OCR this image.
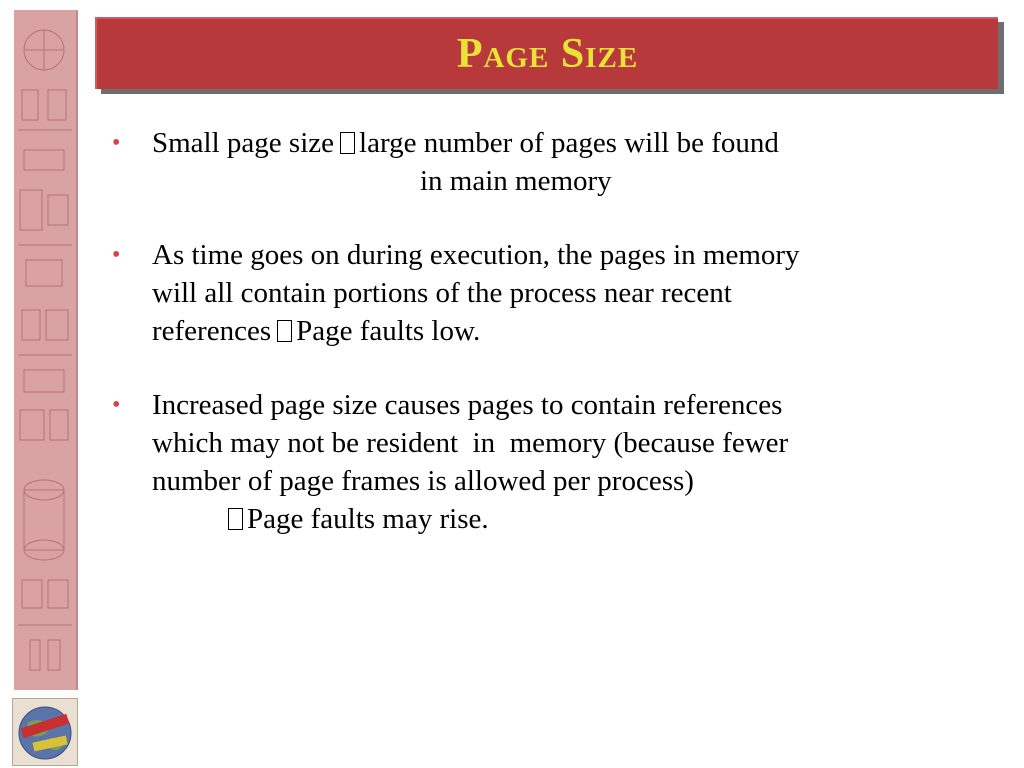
Page Size
• Small page size large number of pages will be found
in main memory
• As time goes on during execution, the pages in memory
will all contain portions of the process near recent
references Page faults low.
• Increased page size causes pages to contain references
which may not be resident  in  memory (because fewer
number of page frames is allowed per process)
Page faults may rise.
